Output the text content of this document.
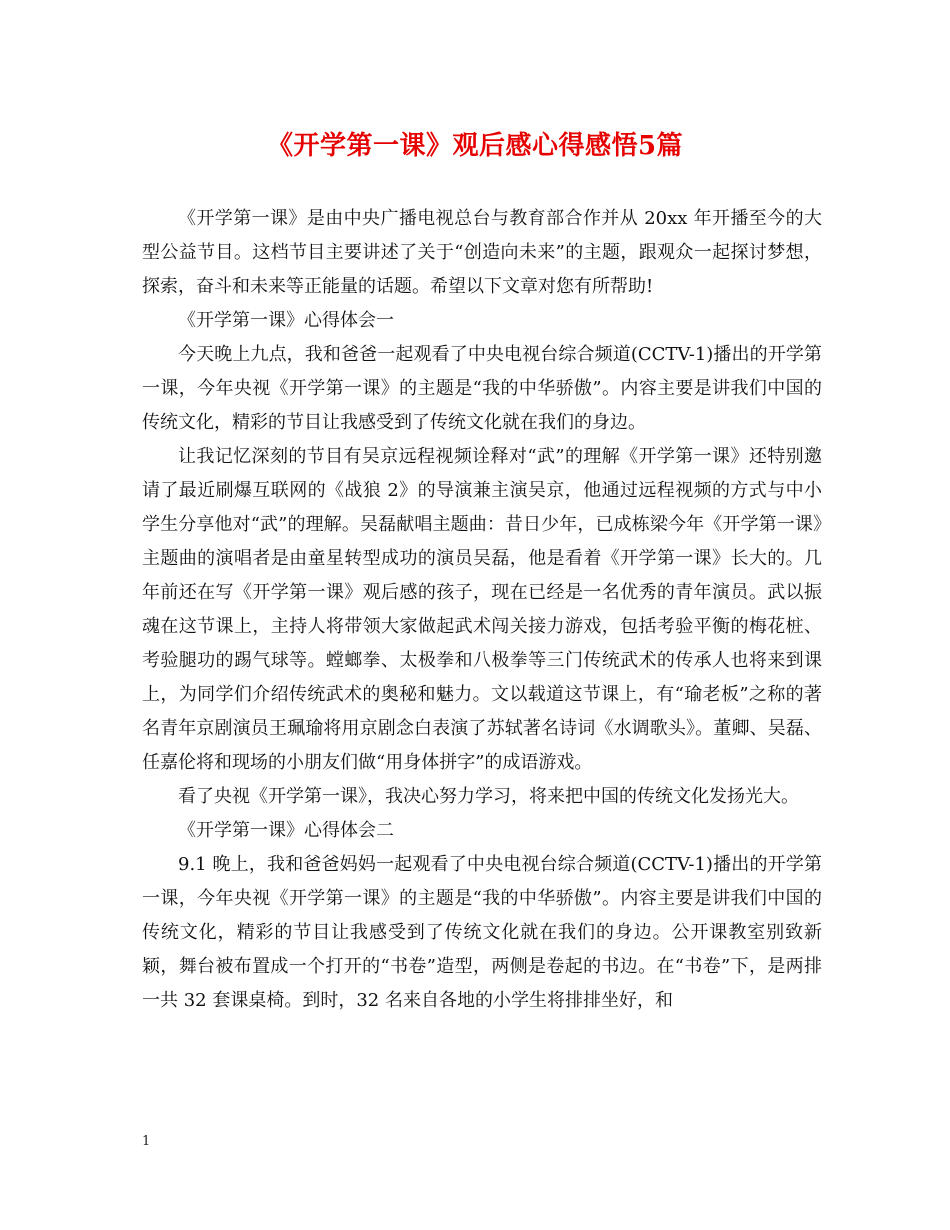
《开学第一课》观后感心得感悟5篇

《开学第一课》是由中央广播电视总台与教育部合作并从 20xx 年开播至今的大型公益节目。这档节目主要讲述了关于“创造向未来”的主题，跟观众一起探讨梦想，探索，奋斗和未来等正能量的话题。希望以下文章对您有所帮助!

《开学第一课》心得体会一

今天晚上九点，我和爸爸一起观看了中央电视台综合频道(CCTV-1)播出的开学第一课，今年央视《开学第一课》的主题是“我的中华骄傲”。内容主要是讲我们中国的传统文化，精彩的节目让我感受到了传统文化就在我们的身边。

让我记忆深刻的节目有吴京远程视频诠释对“武”的理解《开学第一课》还特别邀请了最近刷爆互联网的《战狼 2》的导演兼主演吴京，他通过远程视频的方式与中小学生分享他对“武”的理解。吴磊献唱主题曲：昔日少年，已成栋梁今年《开学第一课》主题曲的演唱者是由童星转型成功的演员吴磊，他是看着《开学第一课》长大的。几年前还在写《开学第一课》观后感的孩子，现在已经是一名优秀的青年演员。武以振魂在这节课上，主持人将带领大家做起武术闯关接力游戏，包括考验平衡的梅花桩、考验腿功的踢气球等。螳螂拳、太极拳和八极拳等三门传统武术的传承人也将来到课上，为同学们介绍传统武术的奥秘和魅力。文以载道这节课上，有“瑜老板”之称的著名青年京剧演员王珮瑜将用京剧念白表演了苏轼著名诗词《水调歌头》。董卿、吴磊、任嘉伦将和现场的小朋友们做“用身体拼字”的成语游戏。

看了央视《开学第一课》，我决心努力学习，将来把中国的传统文化发扬光大。

《开学第一课》心得体会二

9.1 晚上，我和爸爸妈妈一起观看了中央电视台综合频道(CCTV-1)播出的开学第一课，今年央视《开学第一课》的主题是“我的中华骄傲”。内容主要是讲我们中国的传统文化，精彩的节目让我感受到了传统文化就在我们的身边。公开课教室别致新颖，舞台被布置成一个打开的“书卷”造型，两侧是卷起的书边。在“书卷”下，是两排一共 32 套课桌椅。到时，32 名来自各地的小学生将排排坐好，和

1
